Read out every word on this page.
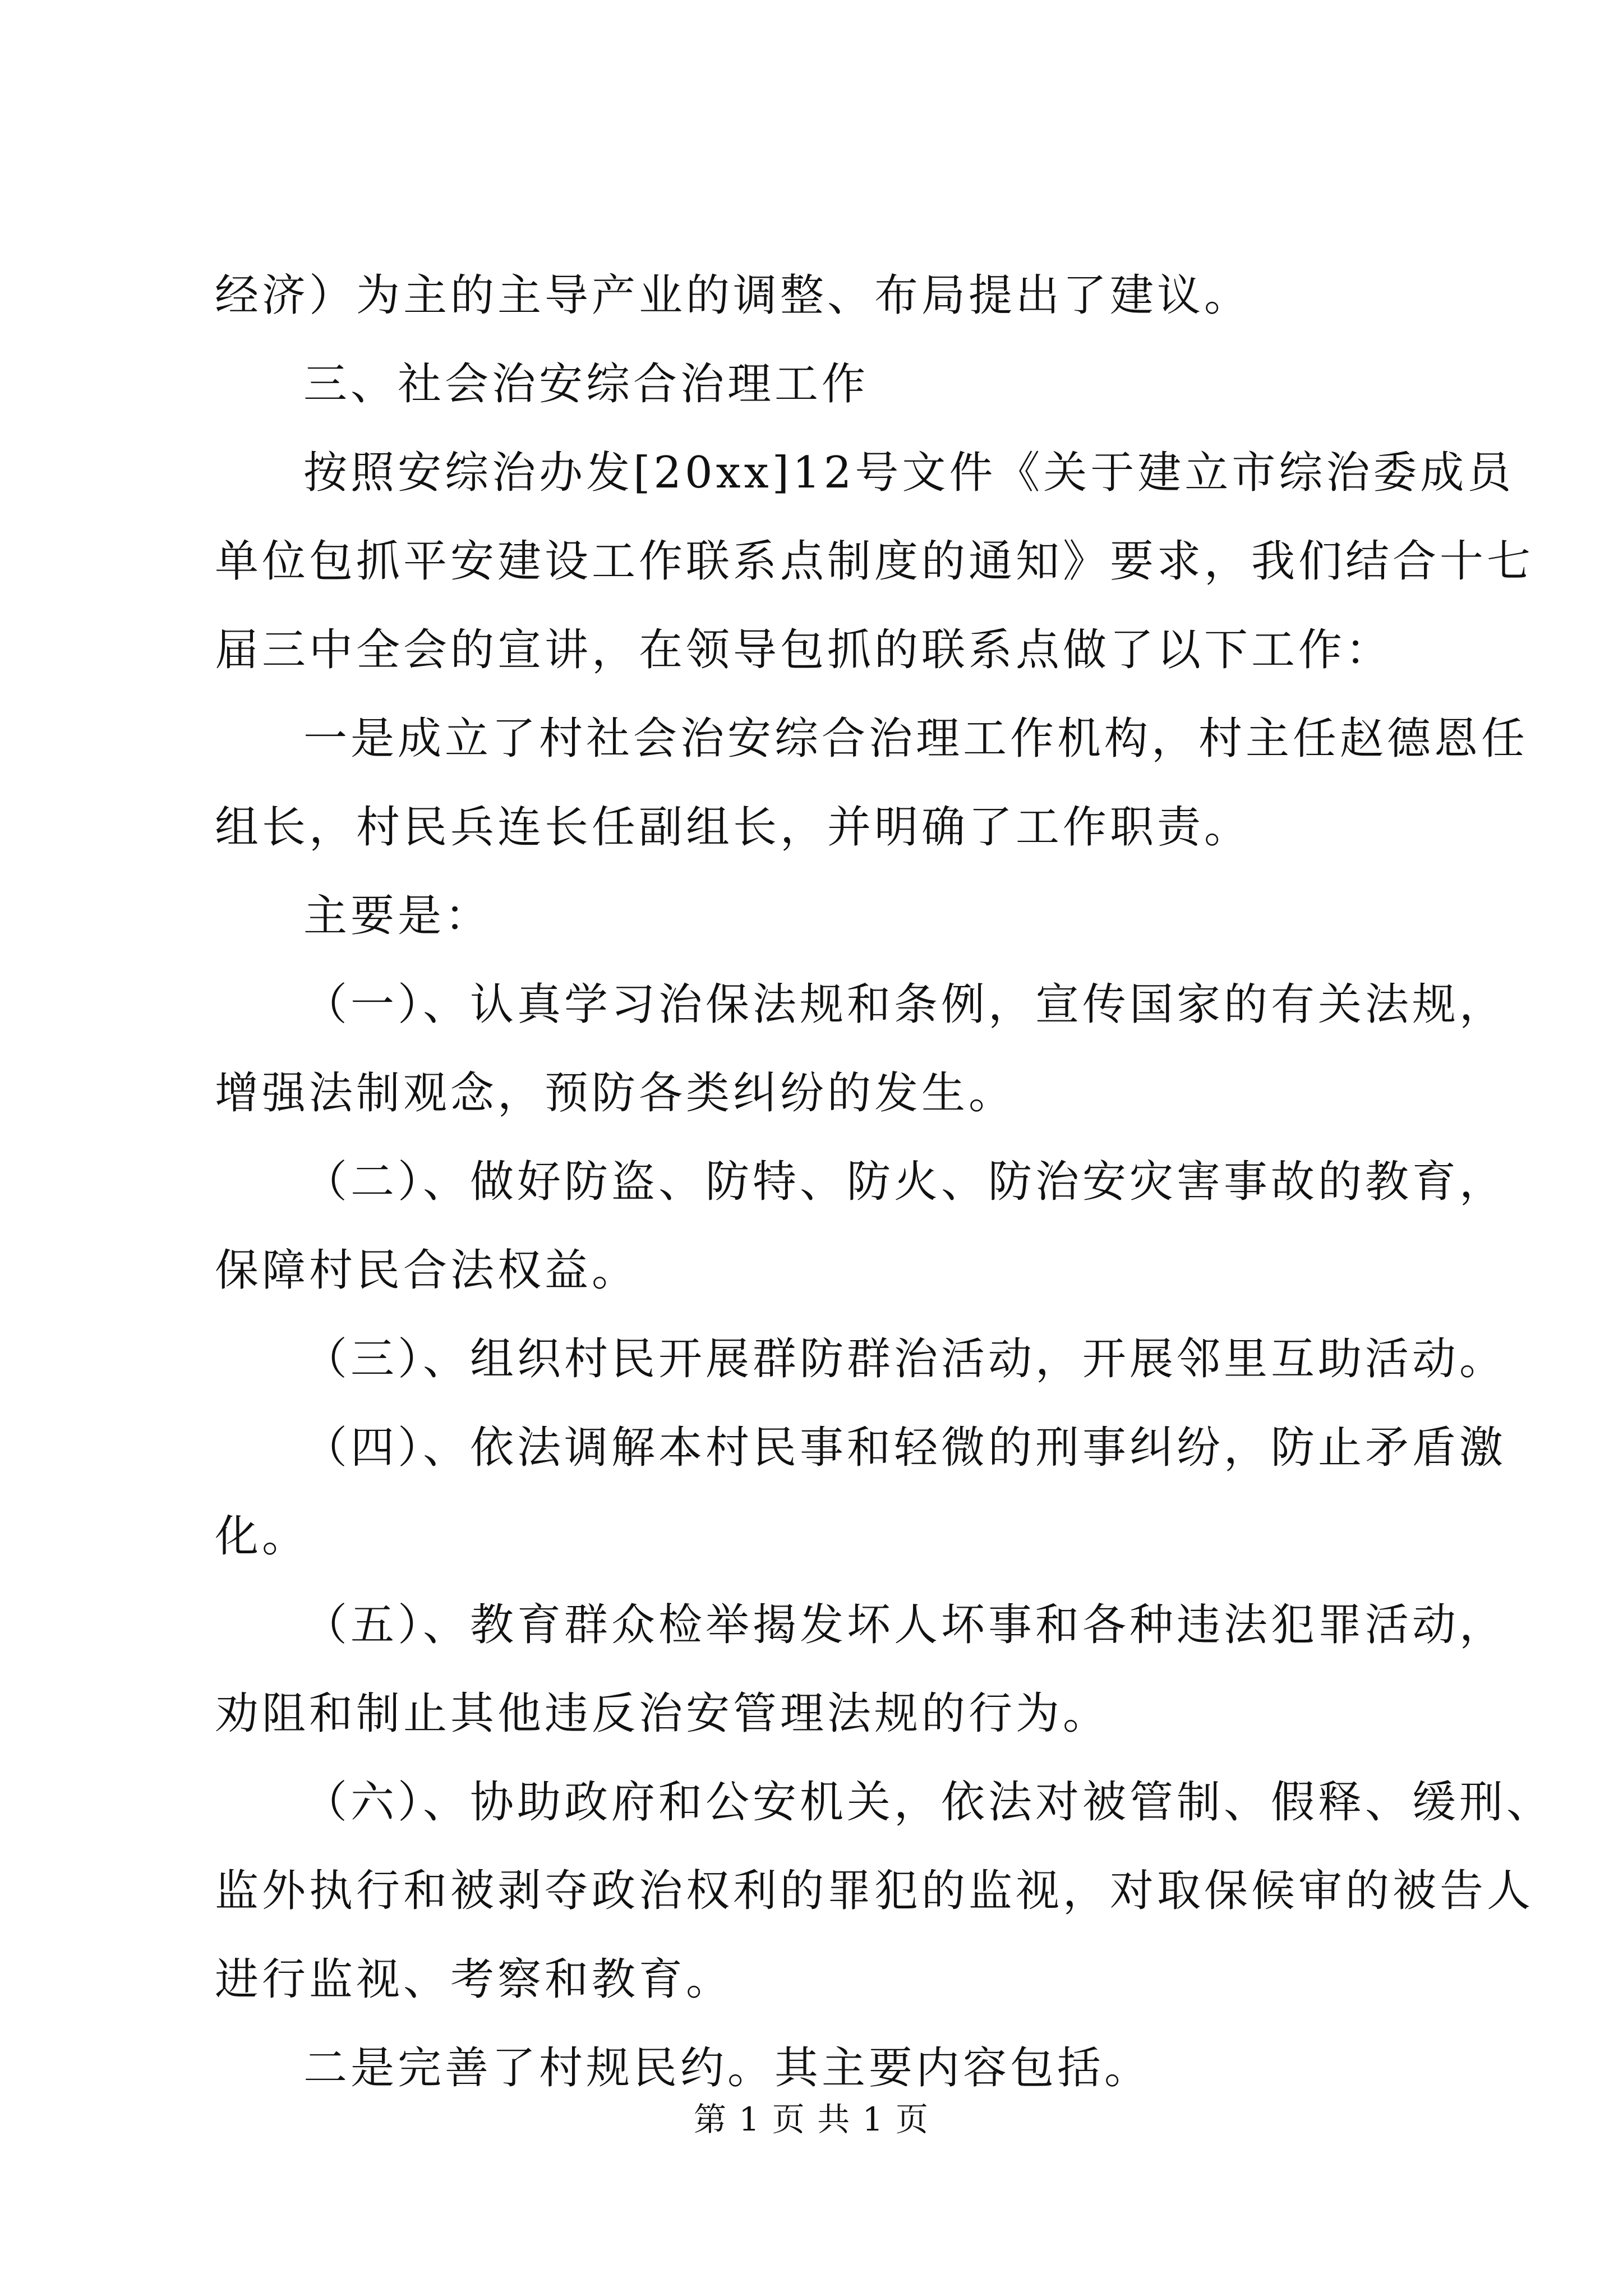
经济）为主的主导产业的调整、布局提出了建议。
三、社会治安综合治理工作
按照安综治办发[20xx]12号文件《关于建立市综治委成员
单位包抓平安建设工作联系点制度的通知》要求，我们结合十七
届三中全会的宣讲，在领导包抓的联系点做了以下工作：
一是成立了村社会治安综合治理工作机构，村主任赵德恩任
组长，村民兵连长任副组长，并明确了工作职责。
主要是：
（一）、认真学习治保法规和条例，宣传国家的有关法规，
增强法制观念，预防各类纠纷的发生。
（二）、做好防盗、防特、防火、防治安灾害事故的教育，
保障村民合法权益。
（三）、组织村民开展群防群治活动，开展邻里互助活动。
（四）、依法调解本村民事和轻微的刑事纠纷，防止矛盾激
化。
（五）、教育群众检举揭发坏人坏事和各种违法犯罪活动，
劝阻和制止其他违反治安管理法规的行为。
（六）、协助政府和公安机关，依法对被管制、假释、缓刑、
监外执行和被剥夺政治权利的罪犯的监视，对取保候审的被告人
进行监视、考察和教育。
二是完善了村规民约。其主要内容包括。
第 1 页 共 1 页
